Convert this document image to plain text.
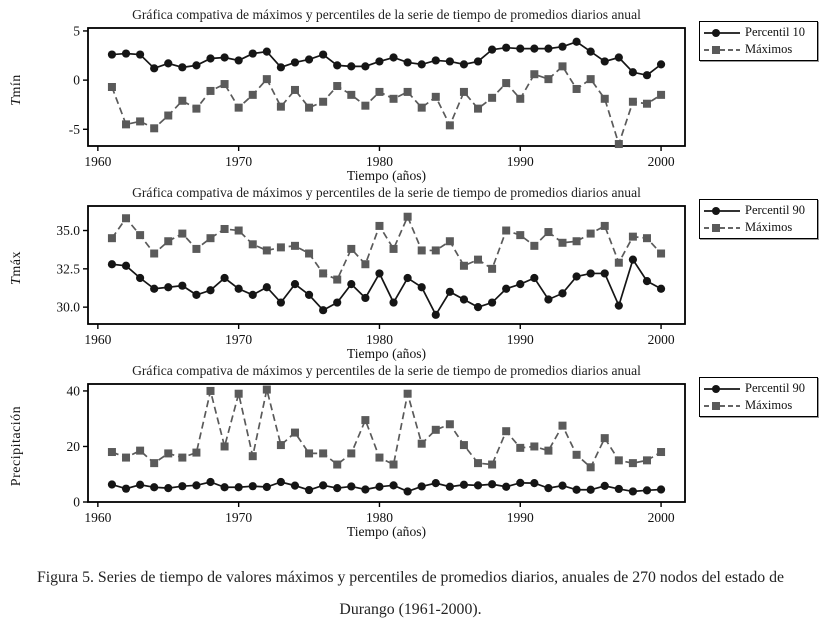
Gráfica compativa de máximos y percentiles de la serie de tiempo de promedios diarios anual
Tmín
5
0
-5
1960	1970	1980	1990	2000
Tiempo (años)
Percentil 10
Máximos
Gráfica compativa de máximos y percentiles de la serie de tiempo de promedios diarios anual
Tmáx
35.0
32.5
30.0
1960	1970	1980	1990	2000
Tiempo (años)
Percentil 90
Máximos
Gráfica compativa de máximos y percentiles de la serie de tiempo de promedios diarios anual
Precipitación
40
20
0
1960	1970	1980	1990	2000
Tiempo (años)
Percentil 90
Máximos
Figura 5. Series de tiempo de valores máximos y percentiles de promedios diarios, anuales de 270 nodos del estado de Durango (1961-2000).
